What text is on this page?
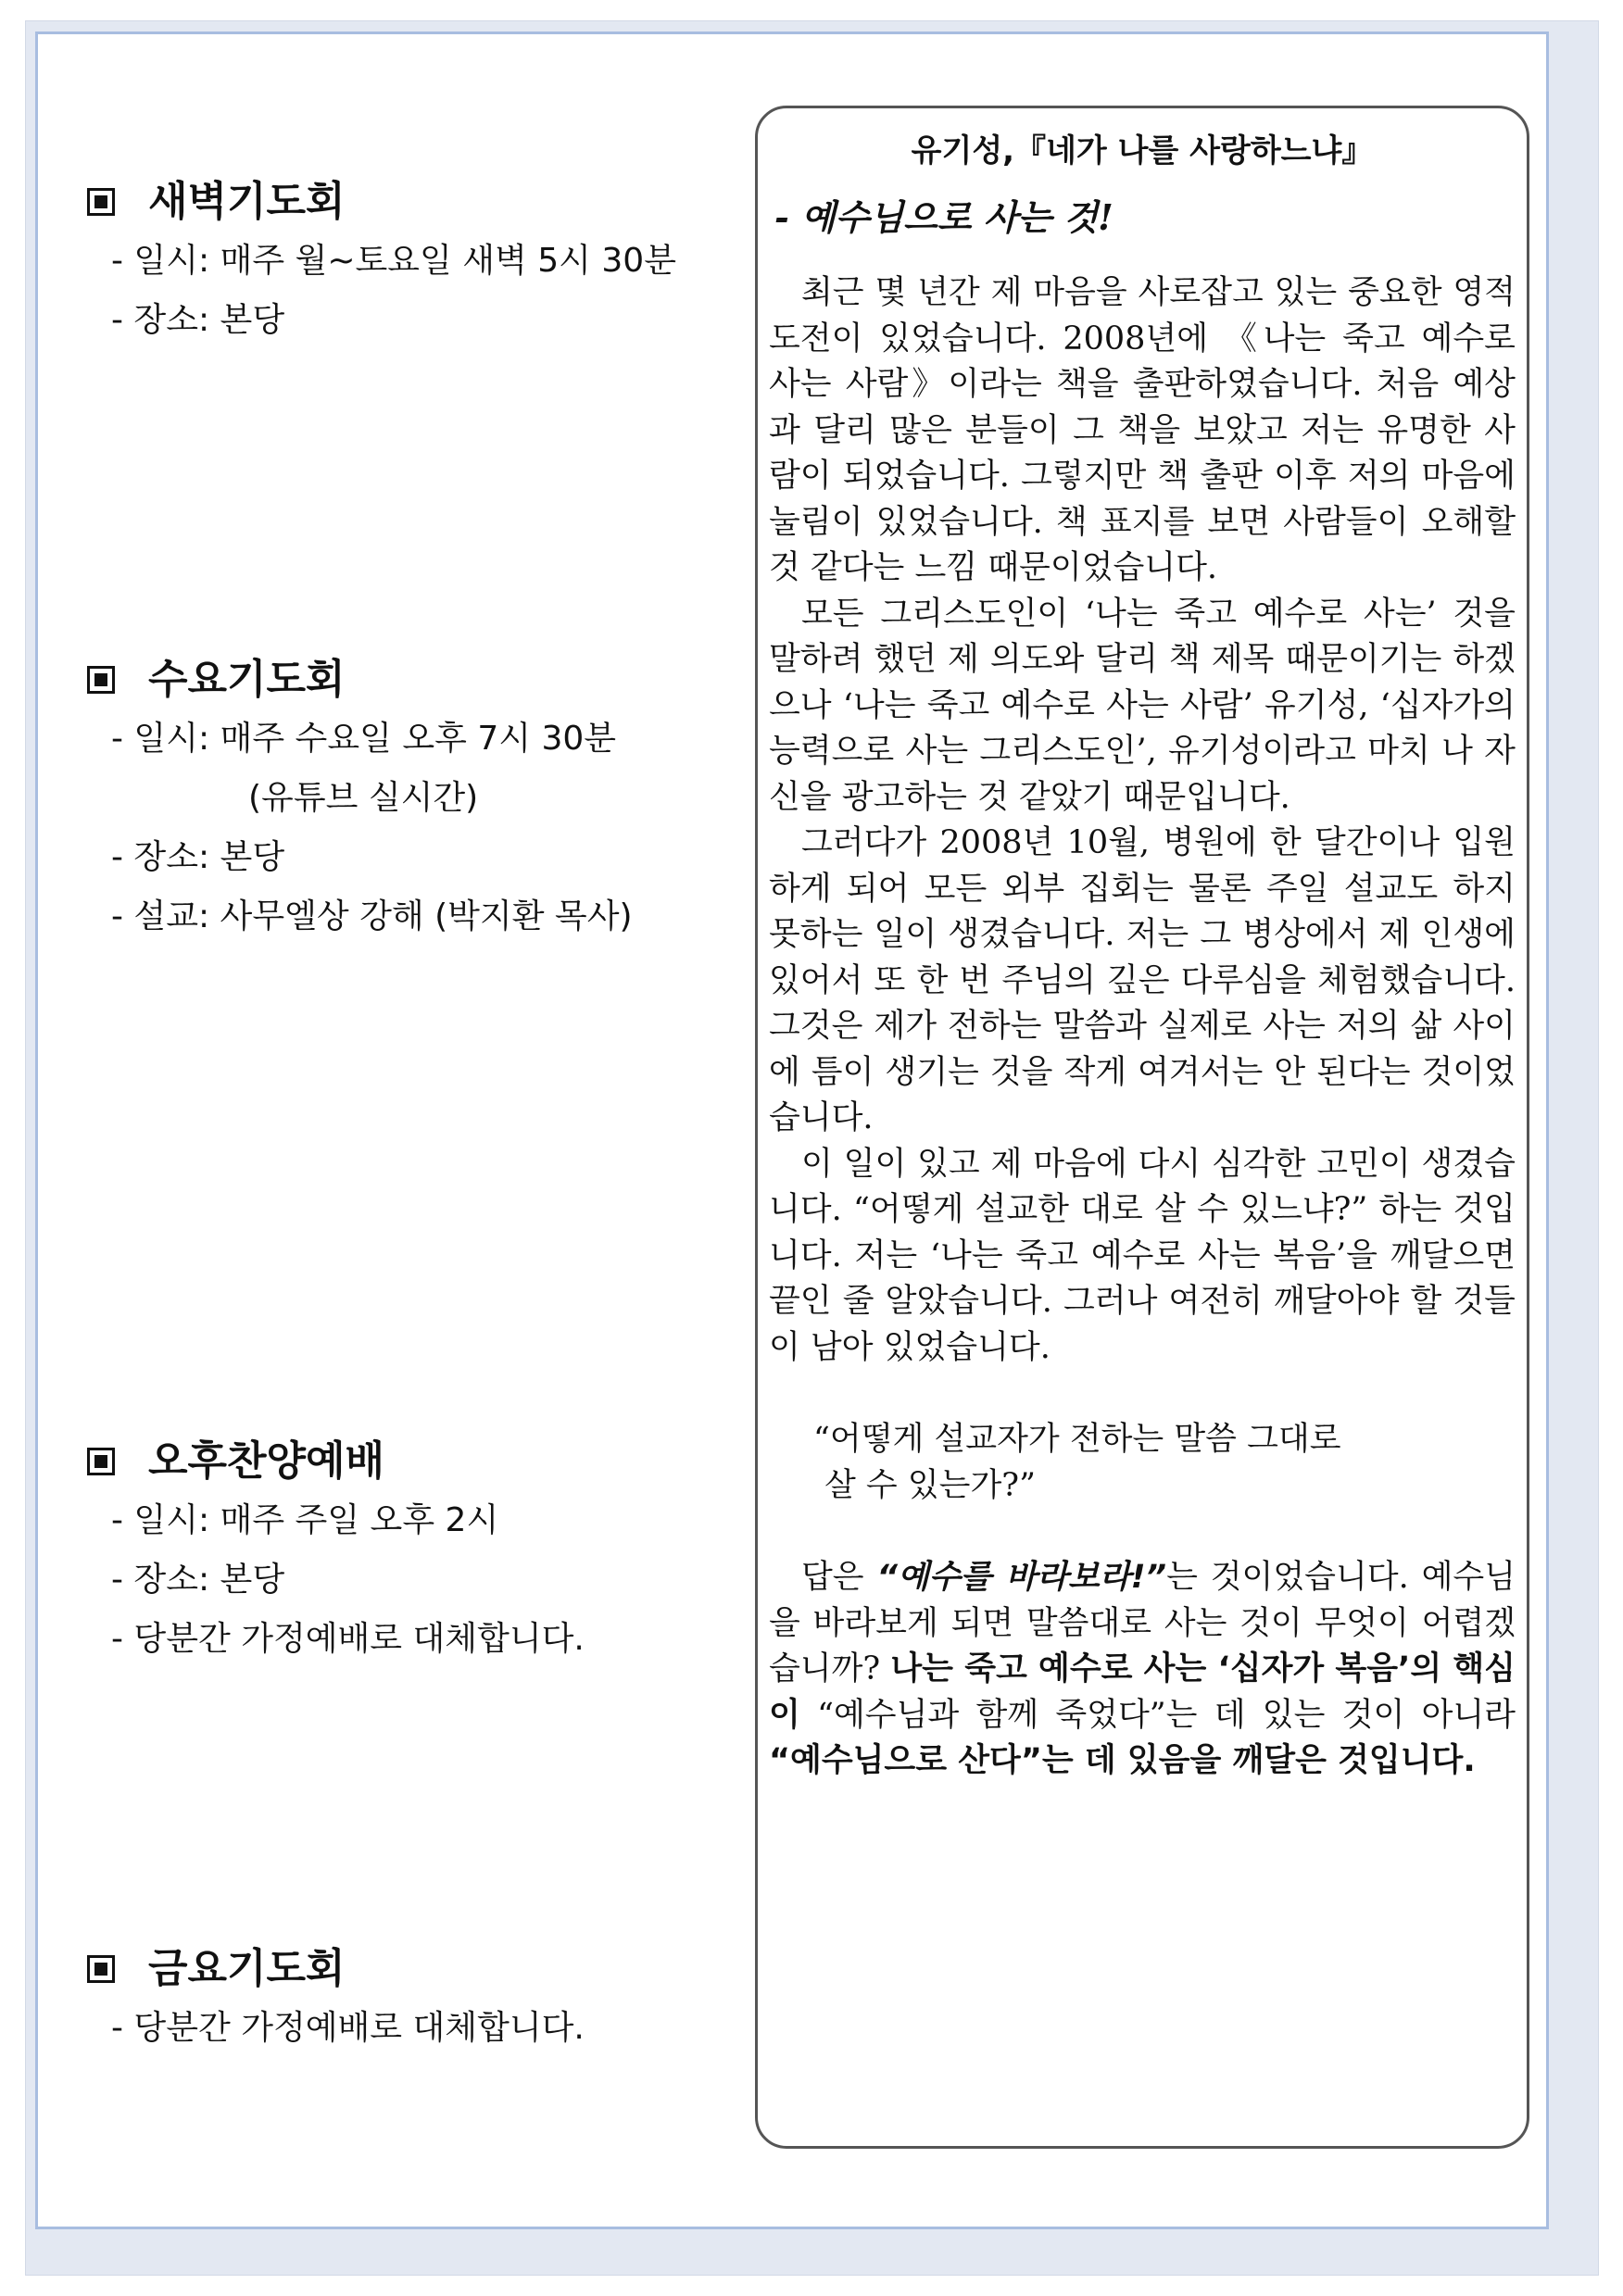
새벽기도회
- 일시: 매주 월~토요일 새벽 5시 30분
- 장소: 본당
수요기도회
- 일시: 매주 수요일 오후 7시 30분
(유튜브 실시간)
- 장소: 본당
- 설교: 사무엘상 강해 (박지환 목사)
오후찬양예배
- 일시: 매주 주일 오후 2시
- 장소: 본당
- 당분간 가정예배로 대체합니다.
금요기도회
- 당분간 가정예배로 대체합니다.
유기성,『네가 나를 사랑하느냐』
- 예수님으로 사는 것!

최근 몇 년간 제 마음을 사로잡고 있는 중요한 영적 도전이 있었습니다. 2008년에 《나는 죽고 예수로 사는 사람》이라는 책을 출판하였습니다. 처음 예상과 달리 많은 분들이 그 책을 보았고 저는 유명한 사람이 되었습니다. 그렇지만 책 출판 이후 저의 마음에 눌림이 있었습니다. 책 표지를 보면 사람들이 오해할 것 같다는 느낌 때문이었습니다.

모든 그리스도인이 ‘나는 죽고 예수로 사는’ 것을 말하려 했던 제 의도와 달리 책 제목 때문이기는 하겠으나 ‘나는 죽고 예수로 사는 사람’ 유기성, ‘십자가의 능력으로 사는 그리스도인’, 유기성이라고 마치 나 자신을 광고하는 것 같았기 때문입니다.

그러다가 2008년 10월, 병원에 한 달간이나 입원하게 되어 모든 외부 집회는 물론 주일 설교도 하지 못하는 일이 생겼습니다. 저는 그 병상에서 제 인생에 있어서 또 한 번 주님의 깊은 다루심을 체험했습니다. 그것은 제가 전하는 말씀과 실제로 사는 저의 삶 사이에 틈이 생기는 것을 작게 여겨서는 안 된다는 것이었습니다.

이 일이 있고 제 마음에 다시 심각한 고민이 생겼습니다. “어떻게 설교한 대로 살 수 있느냐?” 하는 것입니다. 저는 ‘나는 죽고 예수로 사는 복음’을 깨달으면 끝인 줄 알았습니다. 그러나 여전히 깨달아야 할 것들이 남아 있었습니다.

“어떻게 설교자가 전하는 말씀 그대로

살 수 있는가?”

답은 “예수를 바라보라!”는 것이었습니다. 예수님을 바라보게 되면 말씀대로 사는 것이 무엇이 어렵겠습니까? 나는 죽고 예수로 사는 ‘십자가 복음’의 핵심이 “예수님과 함께 죽었다”는 데 있는 것이 아니라 “예수님으로 산다”는 데 있음을 깨달은 것입니다.
